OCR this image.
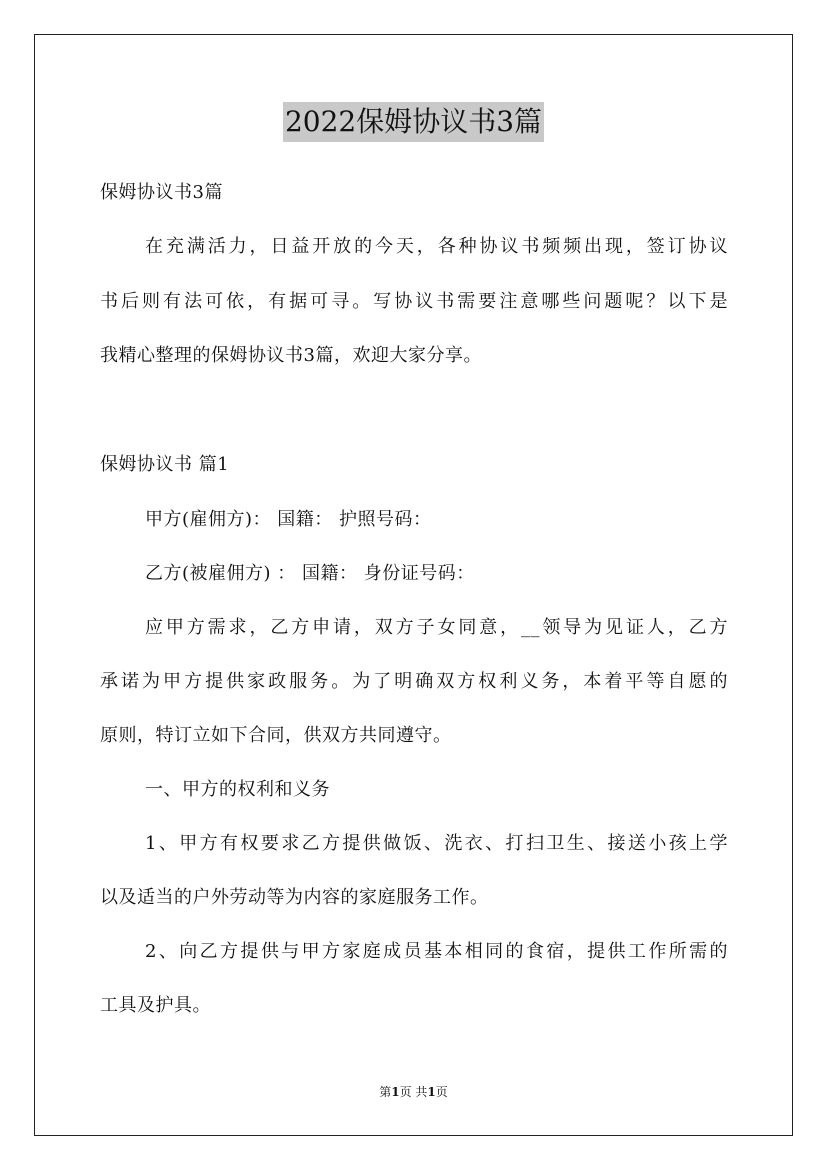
2022保姆协议书3篇
保姆协议书3篇
在充满活力，日益开放的今天，各种协议书频频出现，签订协议
书后则有法可依，有据可寻。写协议书需要注意哪些问题呢？以下是
我精心整理的保姆协议书3篇，欢迎大家分享。
保姆协议书 篇1
甲方(雇佣方)： 国籍： 护照号码：
乙方(被雇佣方) ： 国籍： 身份证号码：
应甲方需求，乙方申请，双方子女同意，__领导为见证人，乙方
承诺为甲方提供家政服务。为了明确双方权利义务，本着平等自愿的
原则，特订立如下合同，供双方共同遵守。
一、甲方的权利和义务
1、甲方有权要求乙方提供做饭、洗衣、打扫卫生、接送小孩上学
以及适当的户外劳动等为内容的家庭服务工作。
2、向乙方提供与甲方家庭成员基本相同的食宿，提供工作所需的
工具及护具。
第1页 共1页
